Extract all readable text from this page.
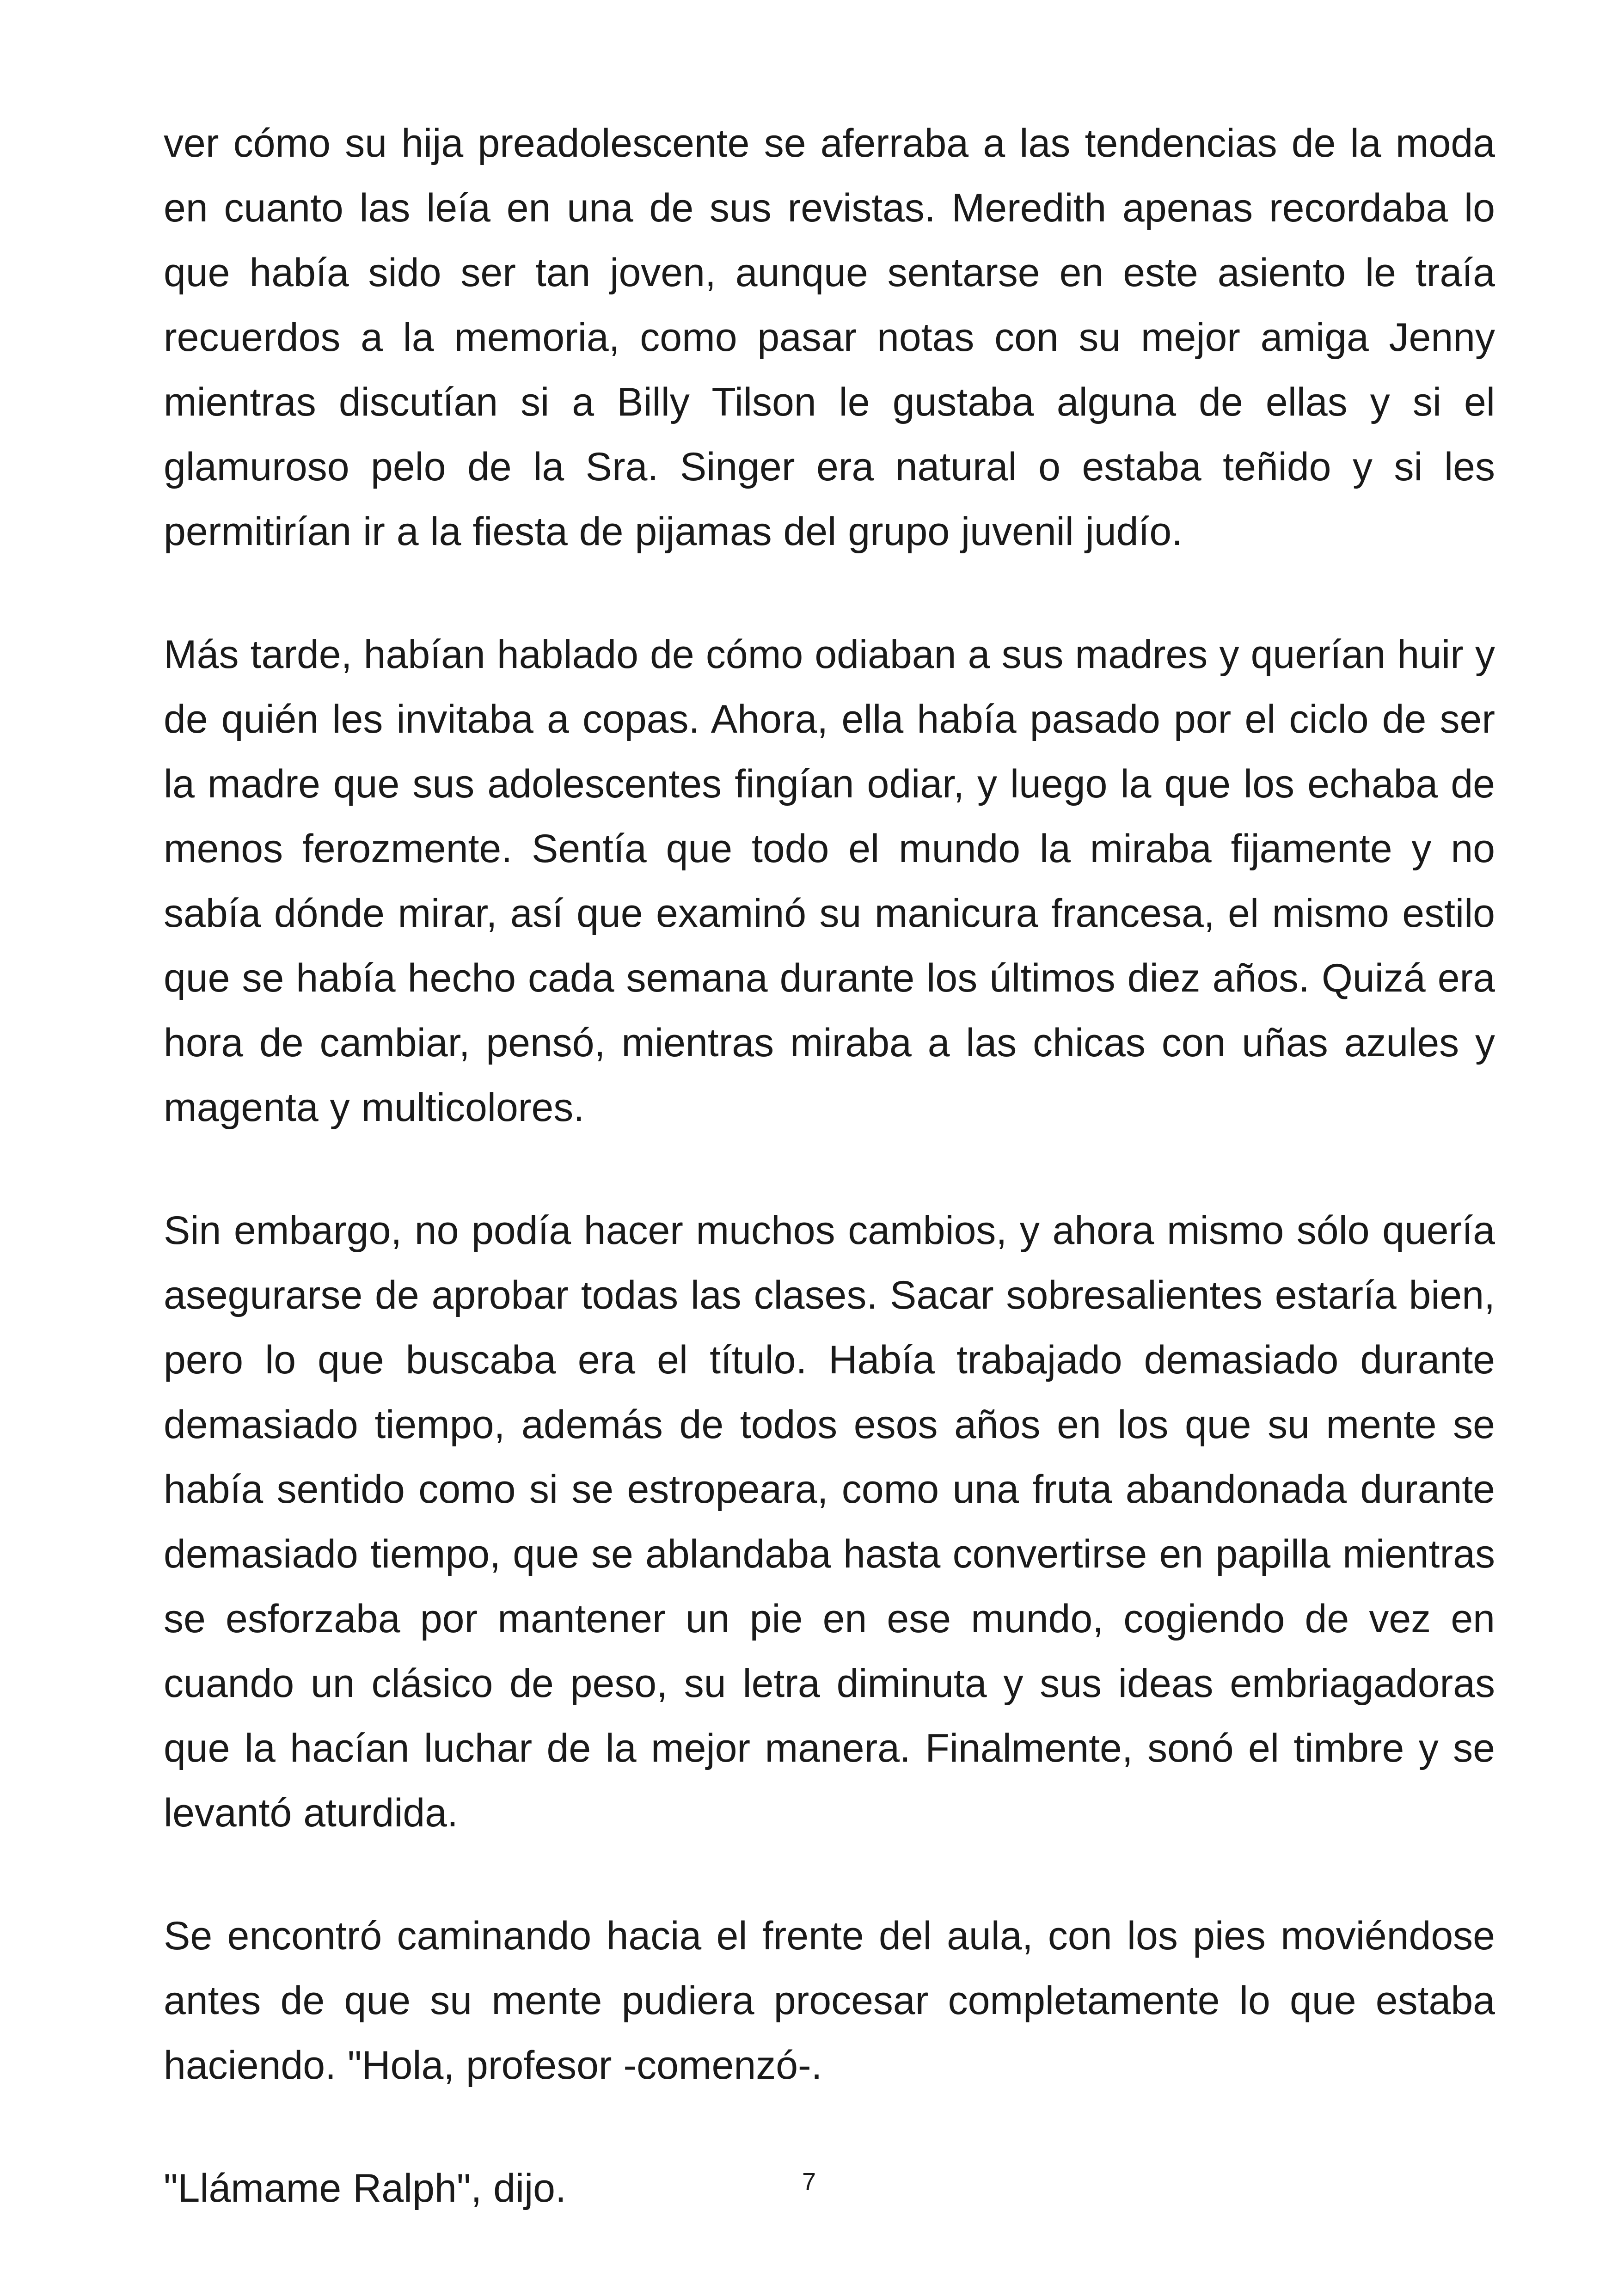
ver cómo su hija preadolescente se aferraba a las tendencias de la moda en cuanto las leía en una de sus revistas. Meredith apenas recordaba lo que había sido ser tan joven, aunque sentarse en este asiento le traía recuerdos a la memoria, como pasar notas con su mejor amiga Jenny mientras discutían si a Billy Tilson le gustaba alguna de ellas y si el glamuroso pelo de la Sra. Singer era natural o estaba teñido y si les permitirían ir a la fiesta de pijamas del grupo juvenil judío.

Más tarde, habían hablado de cómo odiaban a sus madres y querían huir y de quién les invitaba a copas. Ahora, ella había pasado por el ciclo de ser la madre que sus adolescentes fingían odiar, y luego la que los echaba de menos ferozmente. Sentía que todo el mundo la miraba fijamente y no sabía dónde mirar, así que examinó su manicura francesa, el mismo estilo que se había hecho cada semana durante los últimos diez años. Quizá era hora de cambiar, pensó, mientras miraba a las chicas con uñas azules y magenta y multicolores.

Sin embargo, no podía hacer muchos cambios, y ahora mismo sólo quería asegurarse de aprobar todas las clases. Sacar sobresalientes estaría bien, pero lo que buscaba era el título. Había trabajado demasiado durante demasiado tiempo, además de todos esos años en los que su mente se había sentido como si se estropeara, como una fruta abandonada durante demasiado tiempo, que se ablandaba hasta convertirse en papilla mientras se esforzaba por mantener un pie en ese mundo, cogiendo de vez en cuando un clásico de peso, su letra diminuta y sus ideas embriagadoras que la hacían luchar de la mejor manera. Finalmente, sonó el timbre y se levantó aturdida.

Se encontró caminando hacia el frente del aula, con los pies moviéndose antes de que su mente pudiera procesar completamente lo que estaba haciendo. "Hola, profesor -comenzó-.

"Llámame Ralph", dijo.	7
